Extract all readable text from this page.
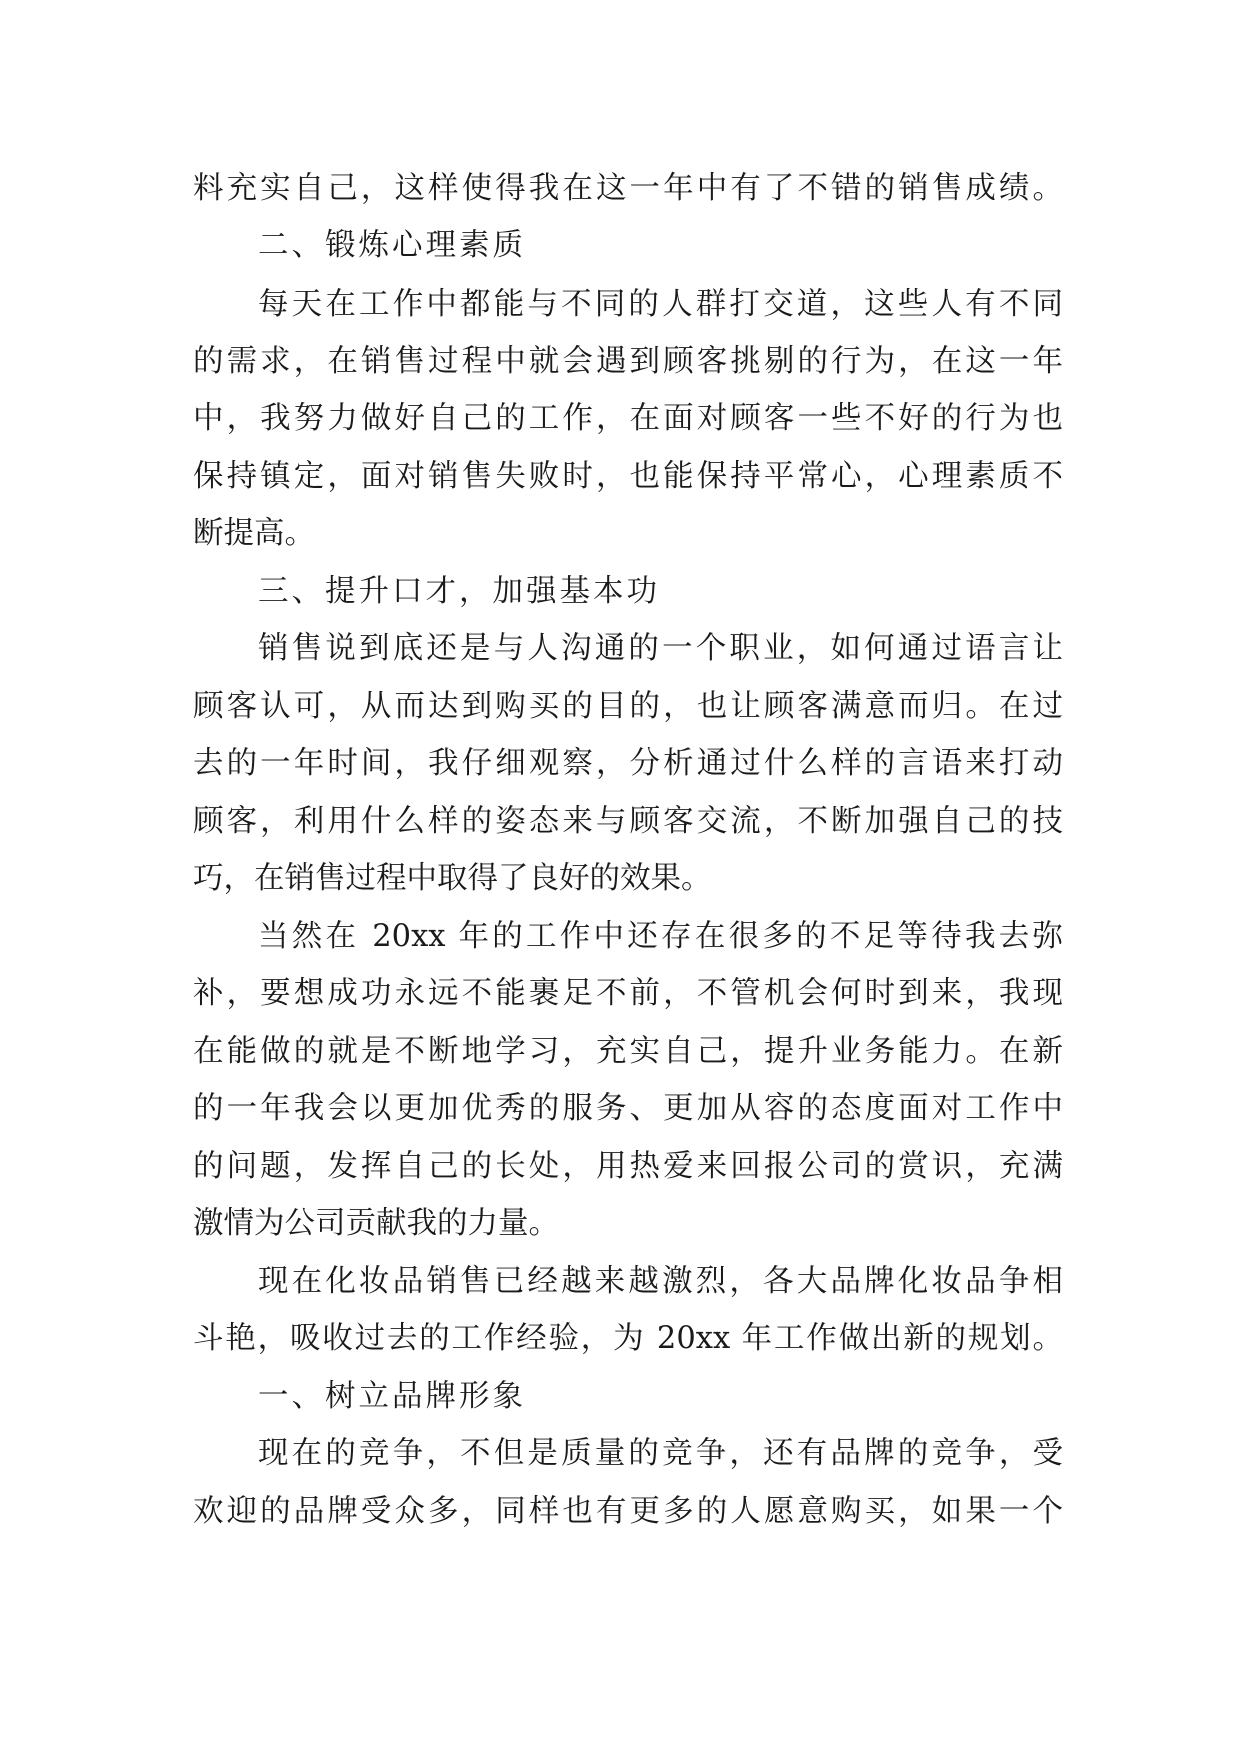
料充实自己，这样使得我在这一年中有了不错的销售成绩。
二、锻炼心理素质
每天在工作中都能与不同的人群打交道，这些人有不同
的需求，在销售过程中就会遇到顾客挑剔的行为，在这一年
中，我努力做好自己的工作，在面对顾客一些不好的行为也
保持镇定，面对销售失败时，也能保持平常心，心理素质不
断提高。
三、提升口才，加强基本功
销售说到底还是与人沟通的一个职业，如何通过语言让
顾客认可，从而达到购买的目的，也让顾客满意而归。在过
去的一年时间，我仔细观察，分析通过什么样的言语来打动
顾客，利用什么样的姿态来与顾客交流，不断加强自己的技
巧，在销售过程中取得了良好的效果。
当然在 20xx 年的工作中还存在很多的不足等待我去弥
补，要想成功永远不能裹足不前，不管机会何时到来，我现
在能做的就是不断地学习，充实自己，提升业务能力。在新
的一年我会以更加优秀的服务、更加从容的态度面对工作中
的问题，发挥自己的长处，用热爱来回报公司的赏识，充满
激情为公司贡献我的力量。
现在化妆品销售已经越来越激烈，各大品牌化妆品争相
斗艳，吸收过去的工作经验，为 20xx 年工作做出新的规划。
一、树立品牌形象
现在的竞争，不但是质量的竞争，还有品牌的竞争，受
欢迎的品牌受众多，同样也有更多的人愿意购买，如果一个
